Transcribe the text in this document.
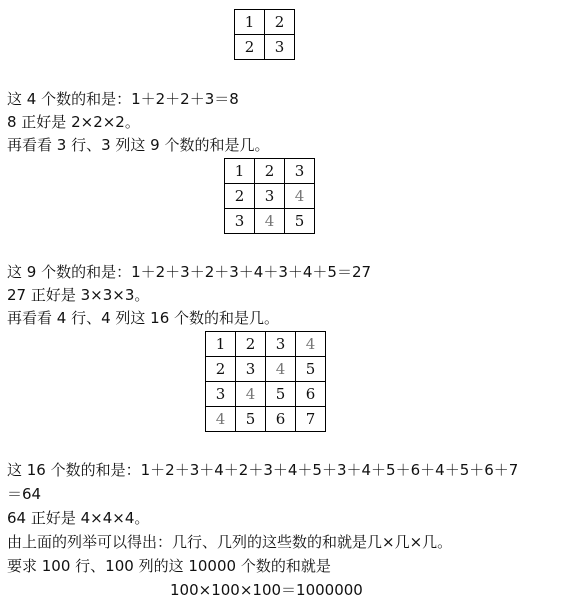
1	2
2	3
这 4 个数的和是：1＋2＋2＋3＝8
8 正好是 2×2×2。
再看看 3 行、3 列这 9 个数的和是几。
1	2	3
2	3	4
3	4	5
这 9 个数的和是：1＋2＋3＋2＋3＋4＋3＋4＋5＝27
27 正好是 3×3×3。
再看看 4 行、4 列这 16 个数的和是几。
1	2	3	4
2	3	4	5
3	4	5	6
4	5	6	7
这 16 个数的和是：1＋2＋3＋4＋2＋3＋4＋5＋3＋4＋5＋6＋4＋5＋6＋7
＝64
64 正好是 4×4×4。
由上面的列举可以得出：几行、几列的这些数的和就是几×几×几。
要求 100 行、100 列的这 10000 个数的和就是
100×100×100＝1000000
